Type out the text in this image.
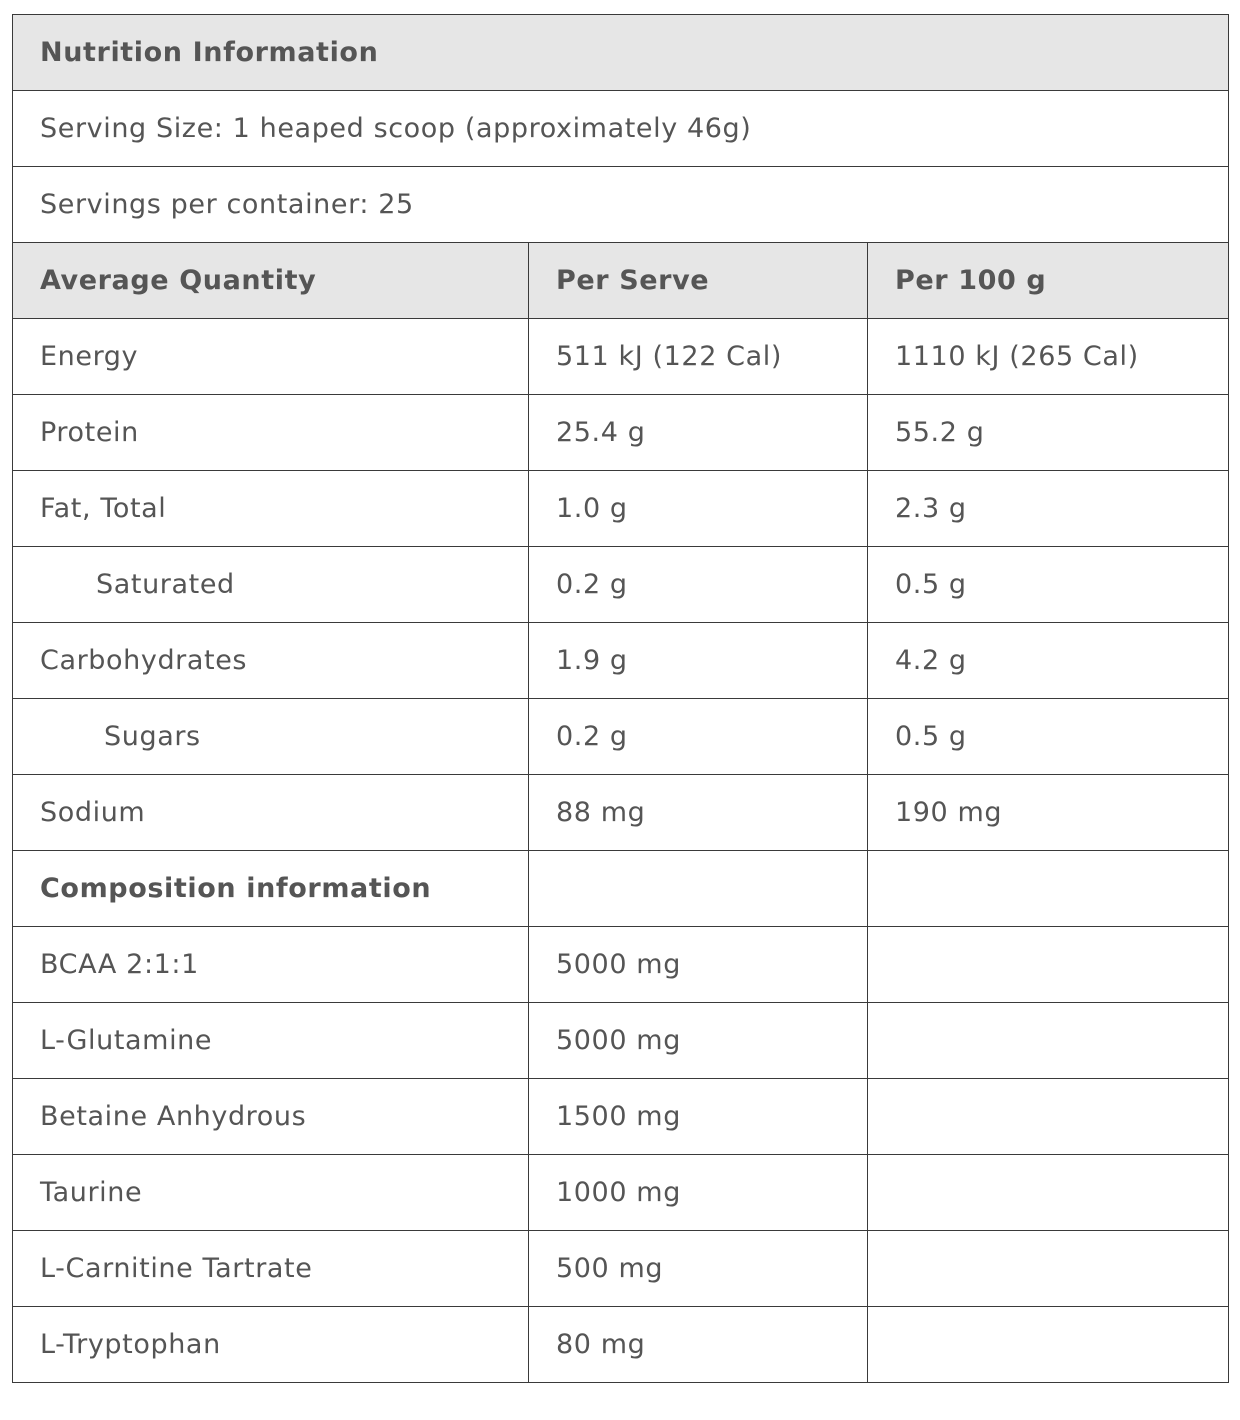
Nutrition Information		
Serving Size: 1 heaped scoop (approximately 46g)		
Servings per container: 25		
Average Quantity	Per Serve	Per 100 g
Energy	511 kJ (122 Cal)	1110 kJ (265 Cal)
Protein	25.4 g	55.2 g
Fat, Total	1.0 g	2.3 g
Saturated	0.2 g	0.5 g
Carbohydrates	1.9 g	4.2 g
Sugars	0.2 g	0.5 g
Sodium	88 mg	190 mg
Composition information		
BCAA 2:1:1	5000 mg	
L-Glutamine	5000 mg	
Betaine Anhydrous	1500 mg	
Taurine	1000 mg	
L-Carnitine Tartrate	500 mg	
L-Tryptophan	80 mg	
